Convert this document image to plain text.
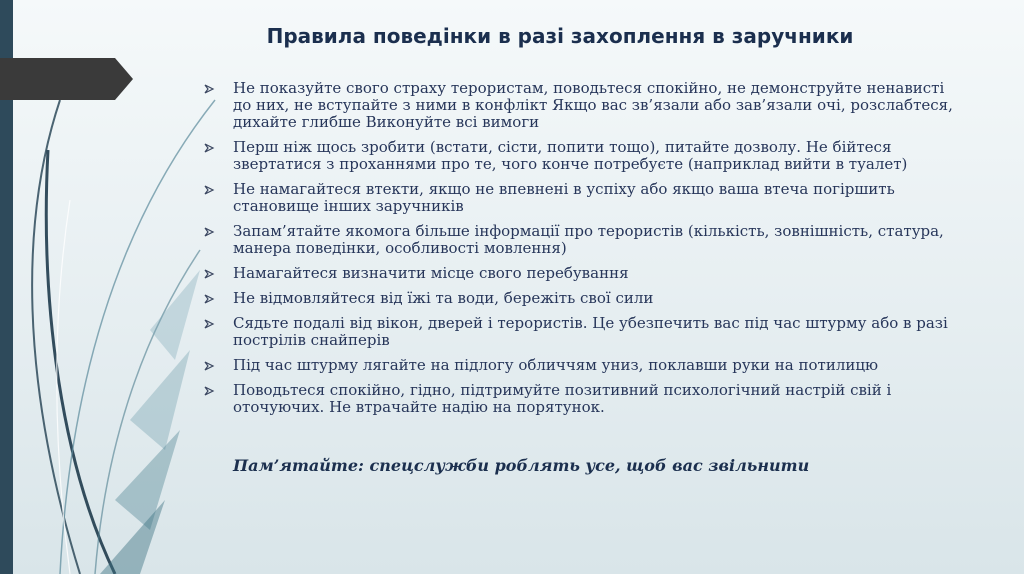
Правила поведінки в разі захоплення в заручники
Не показуйте свого страху терористам, поводьтеся спокійно, не демонструйте ненависті до них, не вступайте з ними в конфлікт Якщо вас зв’язали або зав’язали очі, розслабтеся, дихайте глибше Виконуйте всі вимоги
Перш ніж щось зробити (встати, сісти, попити тощо), питайте дозволу. Не бійтеся звертатися з проханнями про те, чого конче потребуєте (наприклад вийти в туалет)
Не намагайтеся втекти, якщо не впевнені в успіху або якщо ваша втеча погіршить становище інших заручників
Запам’ятайте якомога більше інформації про терористів (кількість, зовнішність, статура, манера поведінки, особливості мовлення)
Намагайтеся визначити місце свого перебування
Не відмовляйтеся від їжі та води, бережіть свої сили
Сядьте подалі від вікон, дверей і терористів. Це убезпечить вас під час штурму або в разі пострілів снайперів
Під час штурму лягайте на підлогу обличчям униз, поклавши руки на потилицю
Поводьтеся спокійно, гідно, підтримуйте позитивний психологічний настрій свій і оточуючих. Не втрачайте надію на порятунок.

Пам’ятайте: спецслужби роблять усе, щоб вас звільнити
